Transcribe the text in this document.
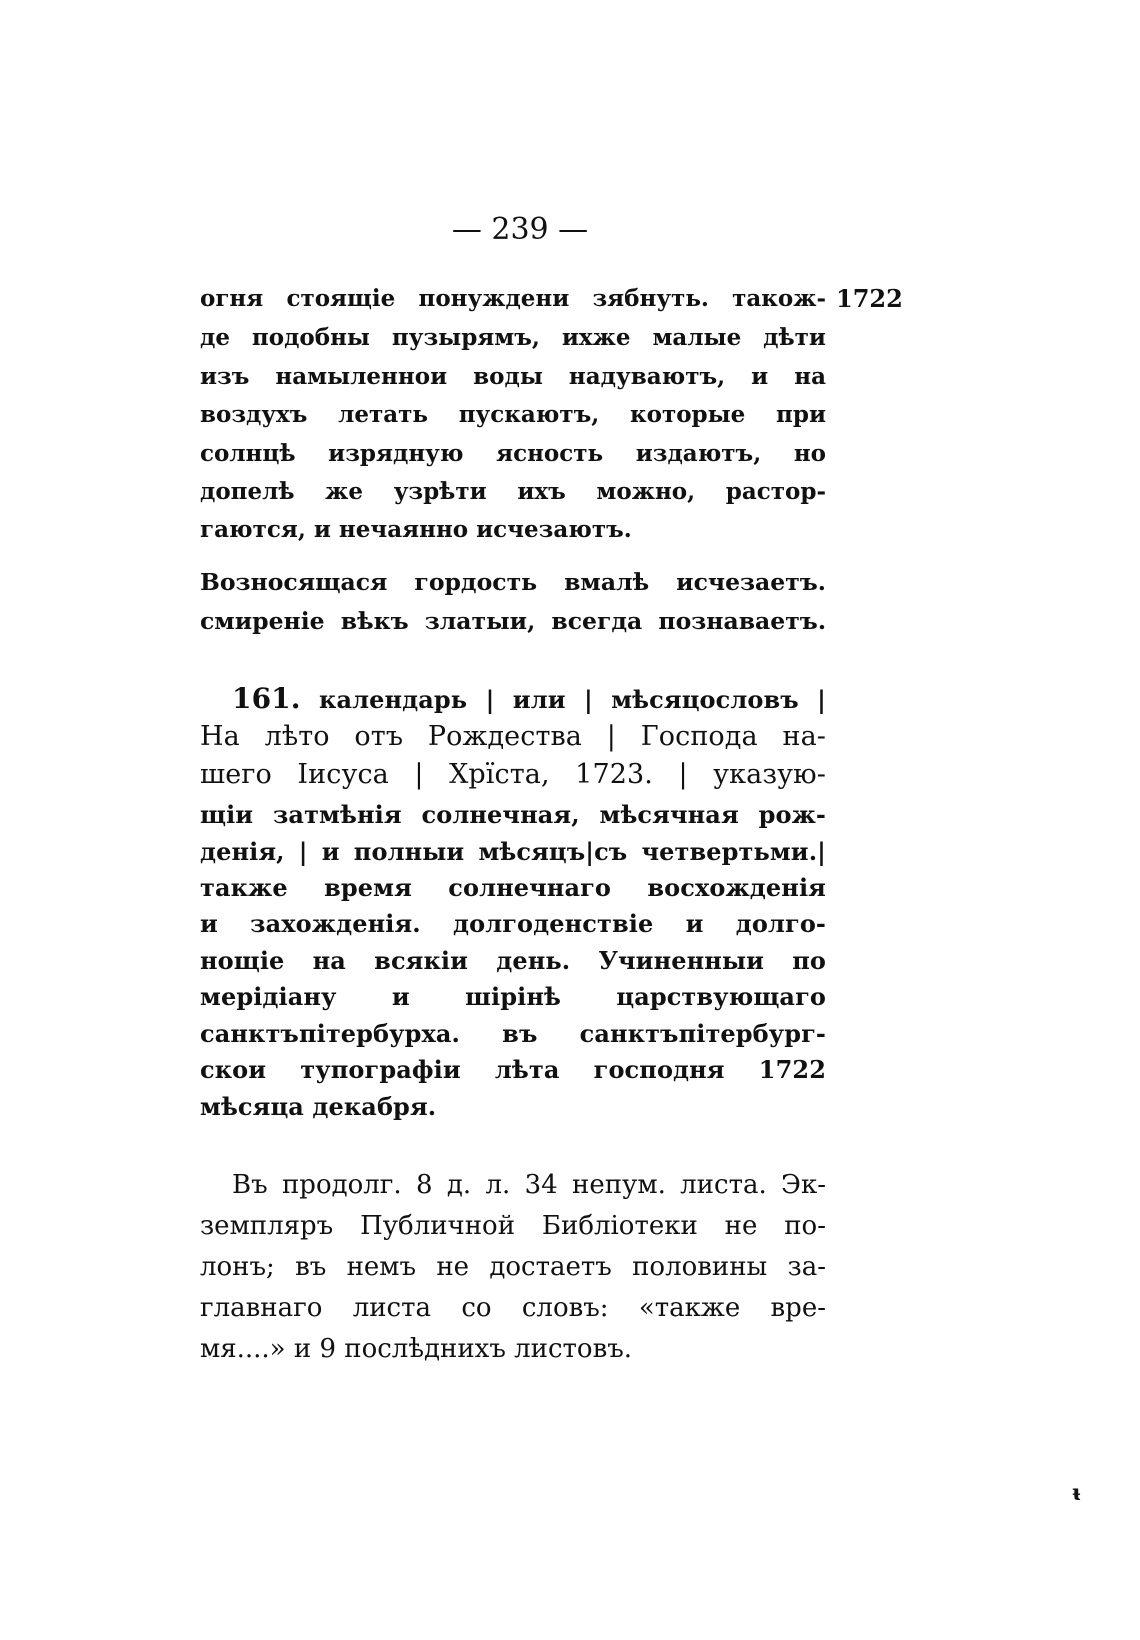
— 239 —
1722
огня стоящіе понуждени зябнуть. також-
де подобны пузырямъ, ихже малые дѣти
изъ намыленнои воды надуваютъ, и на
воздухъ летать пускаютъ, которые при
солнцѣ изрядную ясность издаютъ, но
допелѣ же узрѣти ихъ можно, растор-
гаются, и нечаянно исчезаютъ.
Возносящася гордость вмалѣ исчезаетъ.
смиреніе вѣкъ златыи, всегда познаваетъ.
161. календарь | или | мѣсяцословъ |
На лѣто отъ Рождества | Господа на-
шего Іисуса | Хрїста, 1723. | указую-
щіи затмѣнія солнечная, мѣсячная рож-
денія, | и полныи мѣсяцъ|съ четвертьми.|
также время солнечнаго восхожденія
и захожденія. долгоденствіе и долго-
нощіе на всякіи день. Учиненныи по
мерідіану и шірінѣ царствующаго
санктъпітербурха. въ санктъпітербург-
скои тупографіи лѣта господня 1722
мѣсяца декабря.
Въ продолг. 8 д. л. 34 непум. листа. Эк-
земпляръ Публичной Библіотеки не по-
лонъ; въ немъ не достаетъ половины за-
главнаго листа со словъ: «также вре-
мя....» и 9 послѣднихъ листовъ.
ᵼ
